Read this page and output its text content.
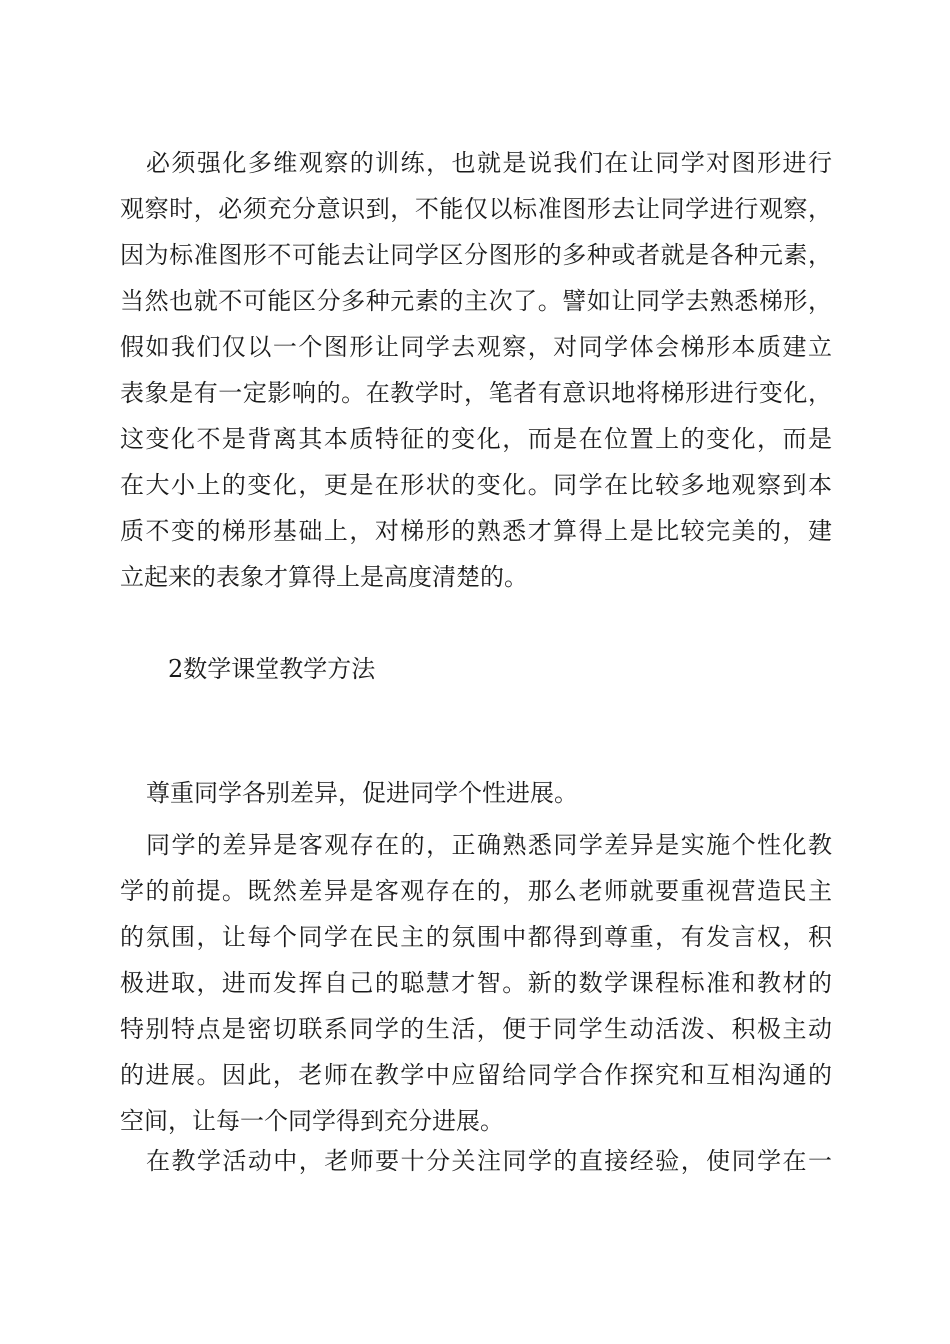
必须强化多维观察的训练，也就是说我们在让同学对图形进行
观察时，必须充分意识到，不能仅以标准图形去让同学进行观察，
因为标准图形不可能去让同学区分图形的多种或者就是各种元素，
当然也就不可能区分多种元素的主次了。譬如让同学去熟悉梯形，
假如我们仅以一个图形让同学去观察，对同学体会梯形本质建立
表象是有一定影响的。在教学时，笔者有意识地将梯形进行变化，
这变化不是背离其本质特征的变化，而是在位置上的变化，而是
在大小上的变化，更是在形状的变化。同学在比较多地观察到本
质不变的梯形基础上，对梯形的熟悉才算得上是比较完美的，建
立起来的表象才算得上是高度清楚的。
2数学课堂教学方法
尊重同学各别差异，促进同学个性进展。
同学的差异是客观存在的，正确熟悉同学差异是实施个性化教
学的前提。既然差异是客观存在的，那么老师就要重视营造民主
的氛围，让每个同学在民主的氛围中都得到尊重，有发言权，积
极进取，进而发挥自己的聪慧才智。新的数学课程标准和教材的
特别特点是密切联系同学的生活，便于同学生动活泼、积极主动
的进展。因此，老师在教学中应留给同学合作探究和互相沟通的
空间，让每一个同学得到充分进展。
在教学活动中，老师要十分关注同学的直接经验，使同学在一
